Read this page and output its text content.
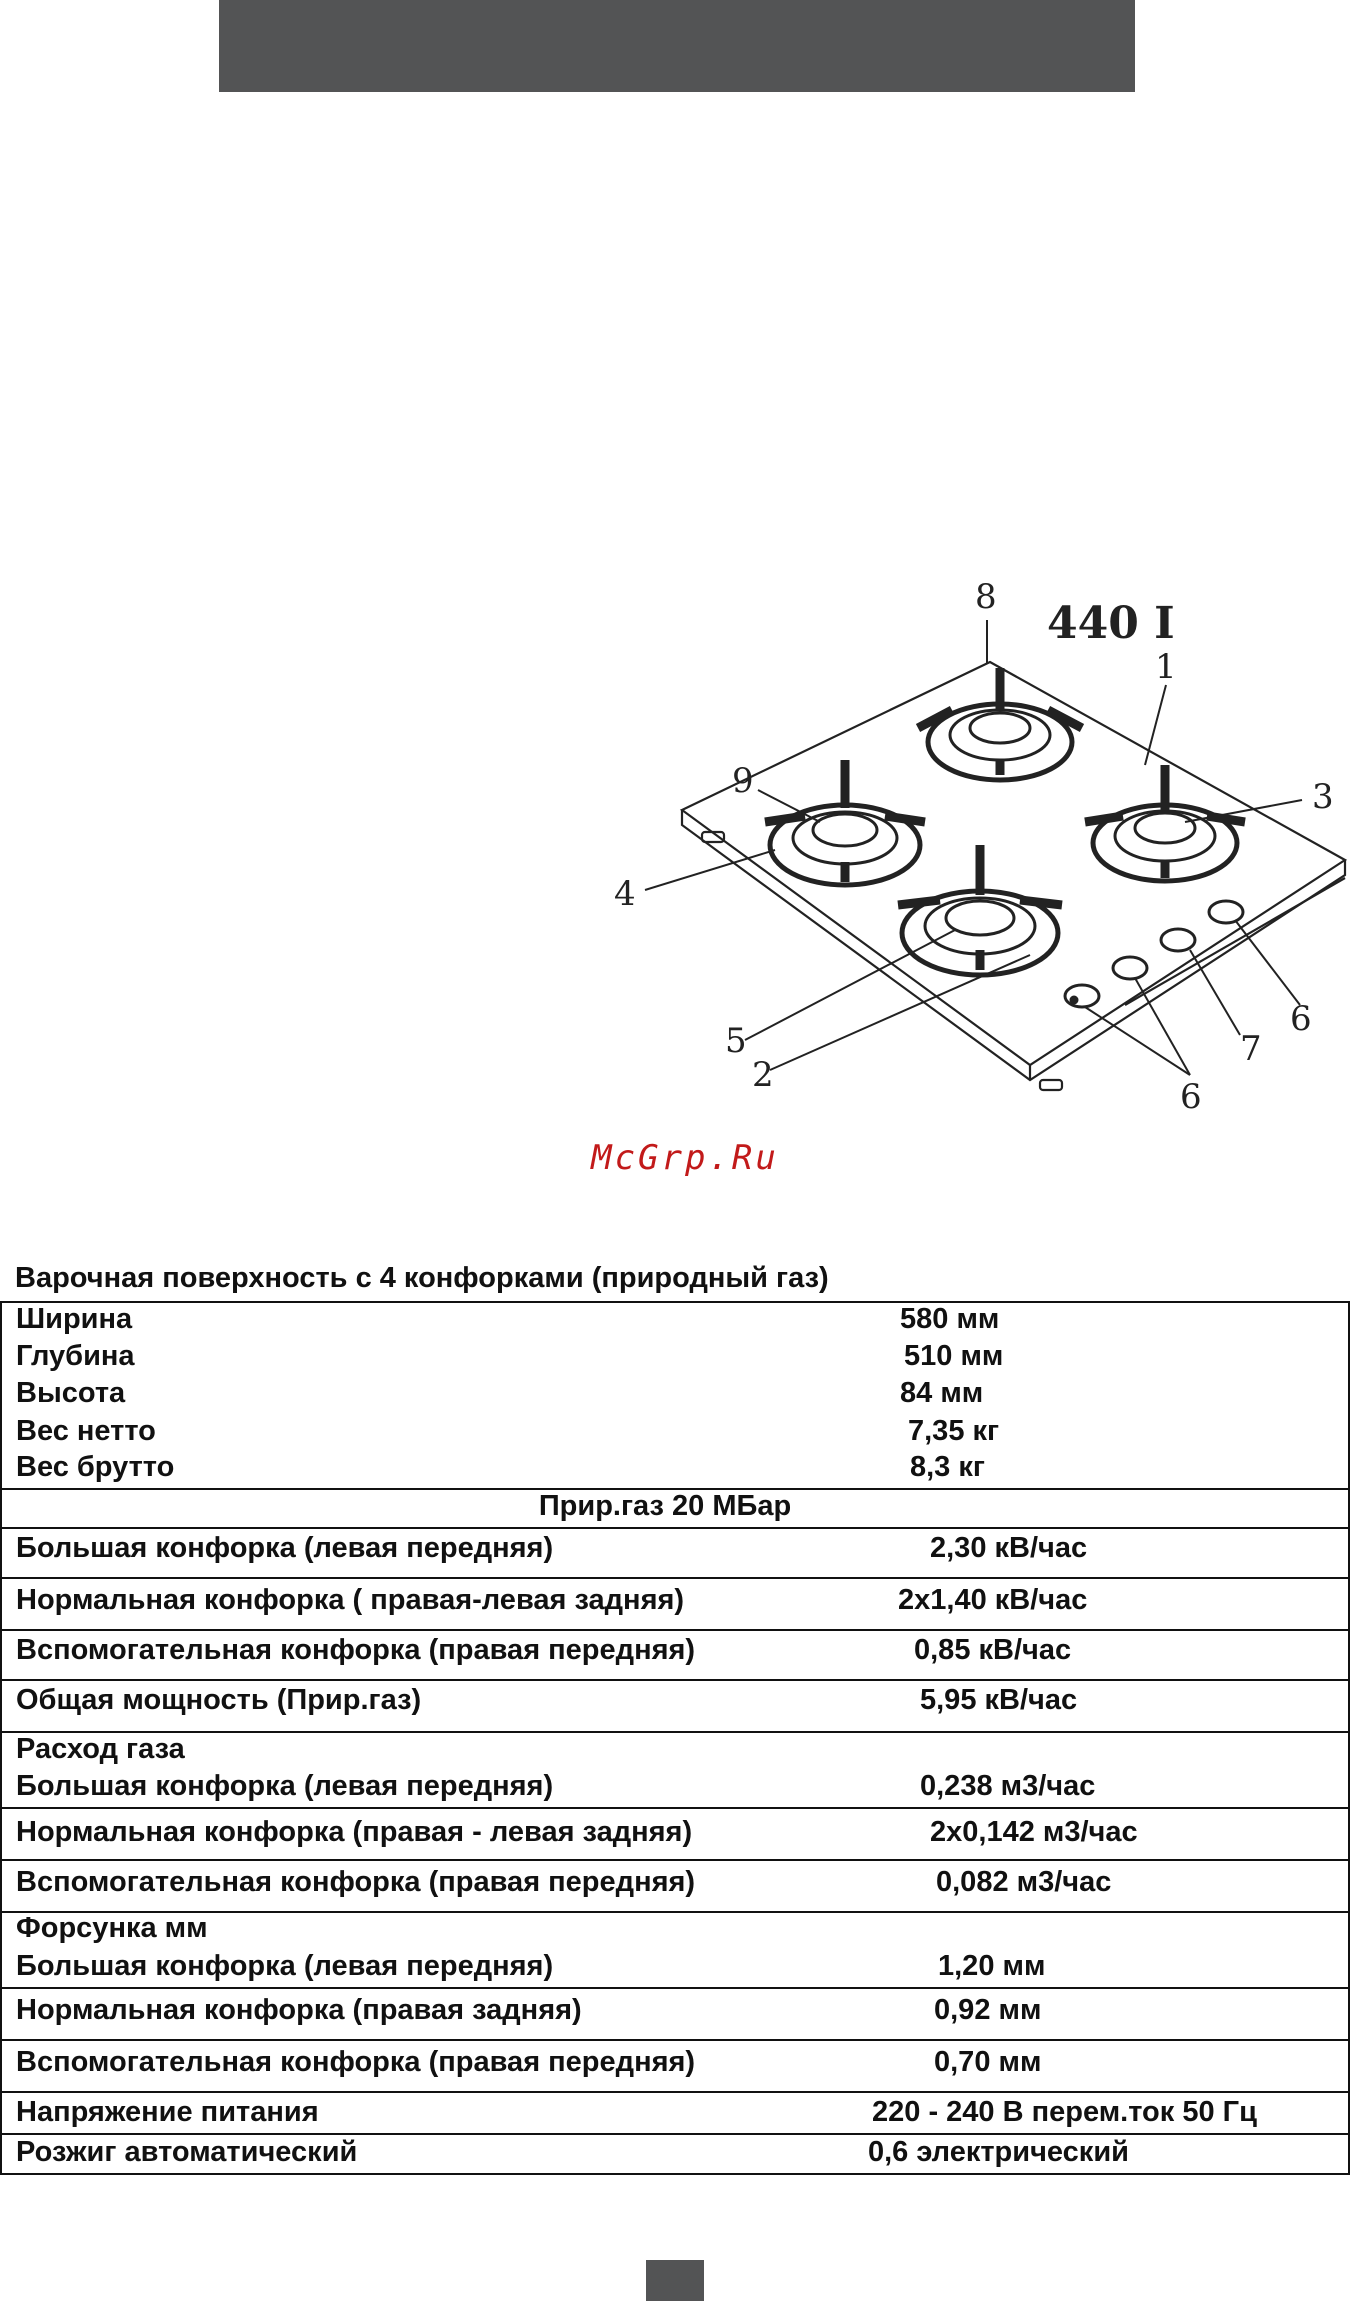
8
1
9	3
4
5
2
6
7
6
440 I
McGrp.Ru
Варочная поверхность с 4 конфорками (природный газ)
Ширина	580 мм
Глубина	510 мм
Высота	84 мм
Вес нетто	7,35 кг
Вес брутто	8,3 кг
Прир.газ 20 МБар
Большая конфорка (левая передняя)	2,30 кВ/час
Нормальная конфорка ( правая-левая задняя)	2x1,40 кВ/час
Вспомогательная конфорка (правая передняя)	0,85 кВ/час
Общая мощность (Прир.газ)	5,95 кВ/час
Расход газа
Большая конфорка (левая передняя)	0,238 м3/час
Нормальная конфорка (правая - левая задняя)	2x0,142 м3/час
Вспомогательная конфорка (правая передняя)	0,082 м3/час
Форсунка мм
Большая конфорка (левая передняя)	1,20 мм
Нормальная конфорка (правая задняя)	0,92 мм
Вспомогательная конфорка (правая передняя)	0,70 мм
Напряжение питания	220 - 240 В перем.ток 50 Гц
Розжиг автоматический	0,6 электрический
